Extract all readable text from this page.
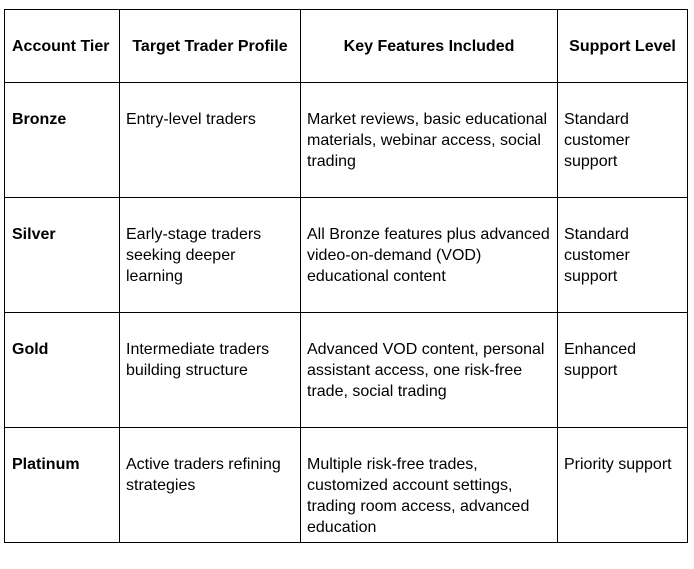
Account Tier	Target Trader Profile	Key Features Included	Support Level
Bronze	Entry-level traders	Market reviews, basic educational materials, webinar access, social trading	Standard customer support
Silver	Early-stage traders seeking deeper learning	All Bronze features plus advanced video-on-demand (VOD) educational content	Standard customer support
Gold	Intermediate traders building structure	Advanced VOD content, personal assistant access, one risk-free trade, social trading	Enhanced support
Platinum	Active traders refining strategies	Multiple risk-free trades, customized account settings, trading room access, advanced education	Priority support
